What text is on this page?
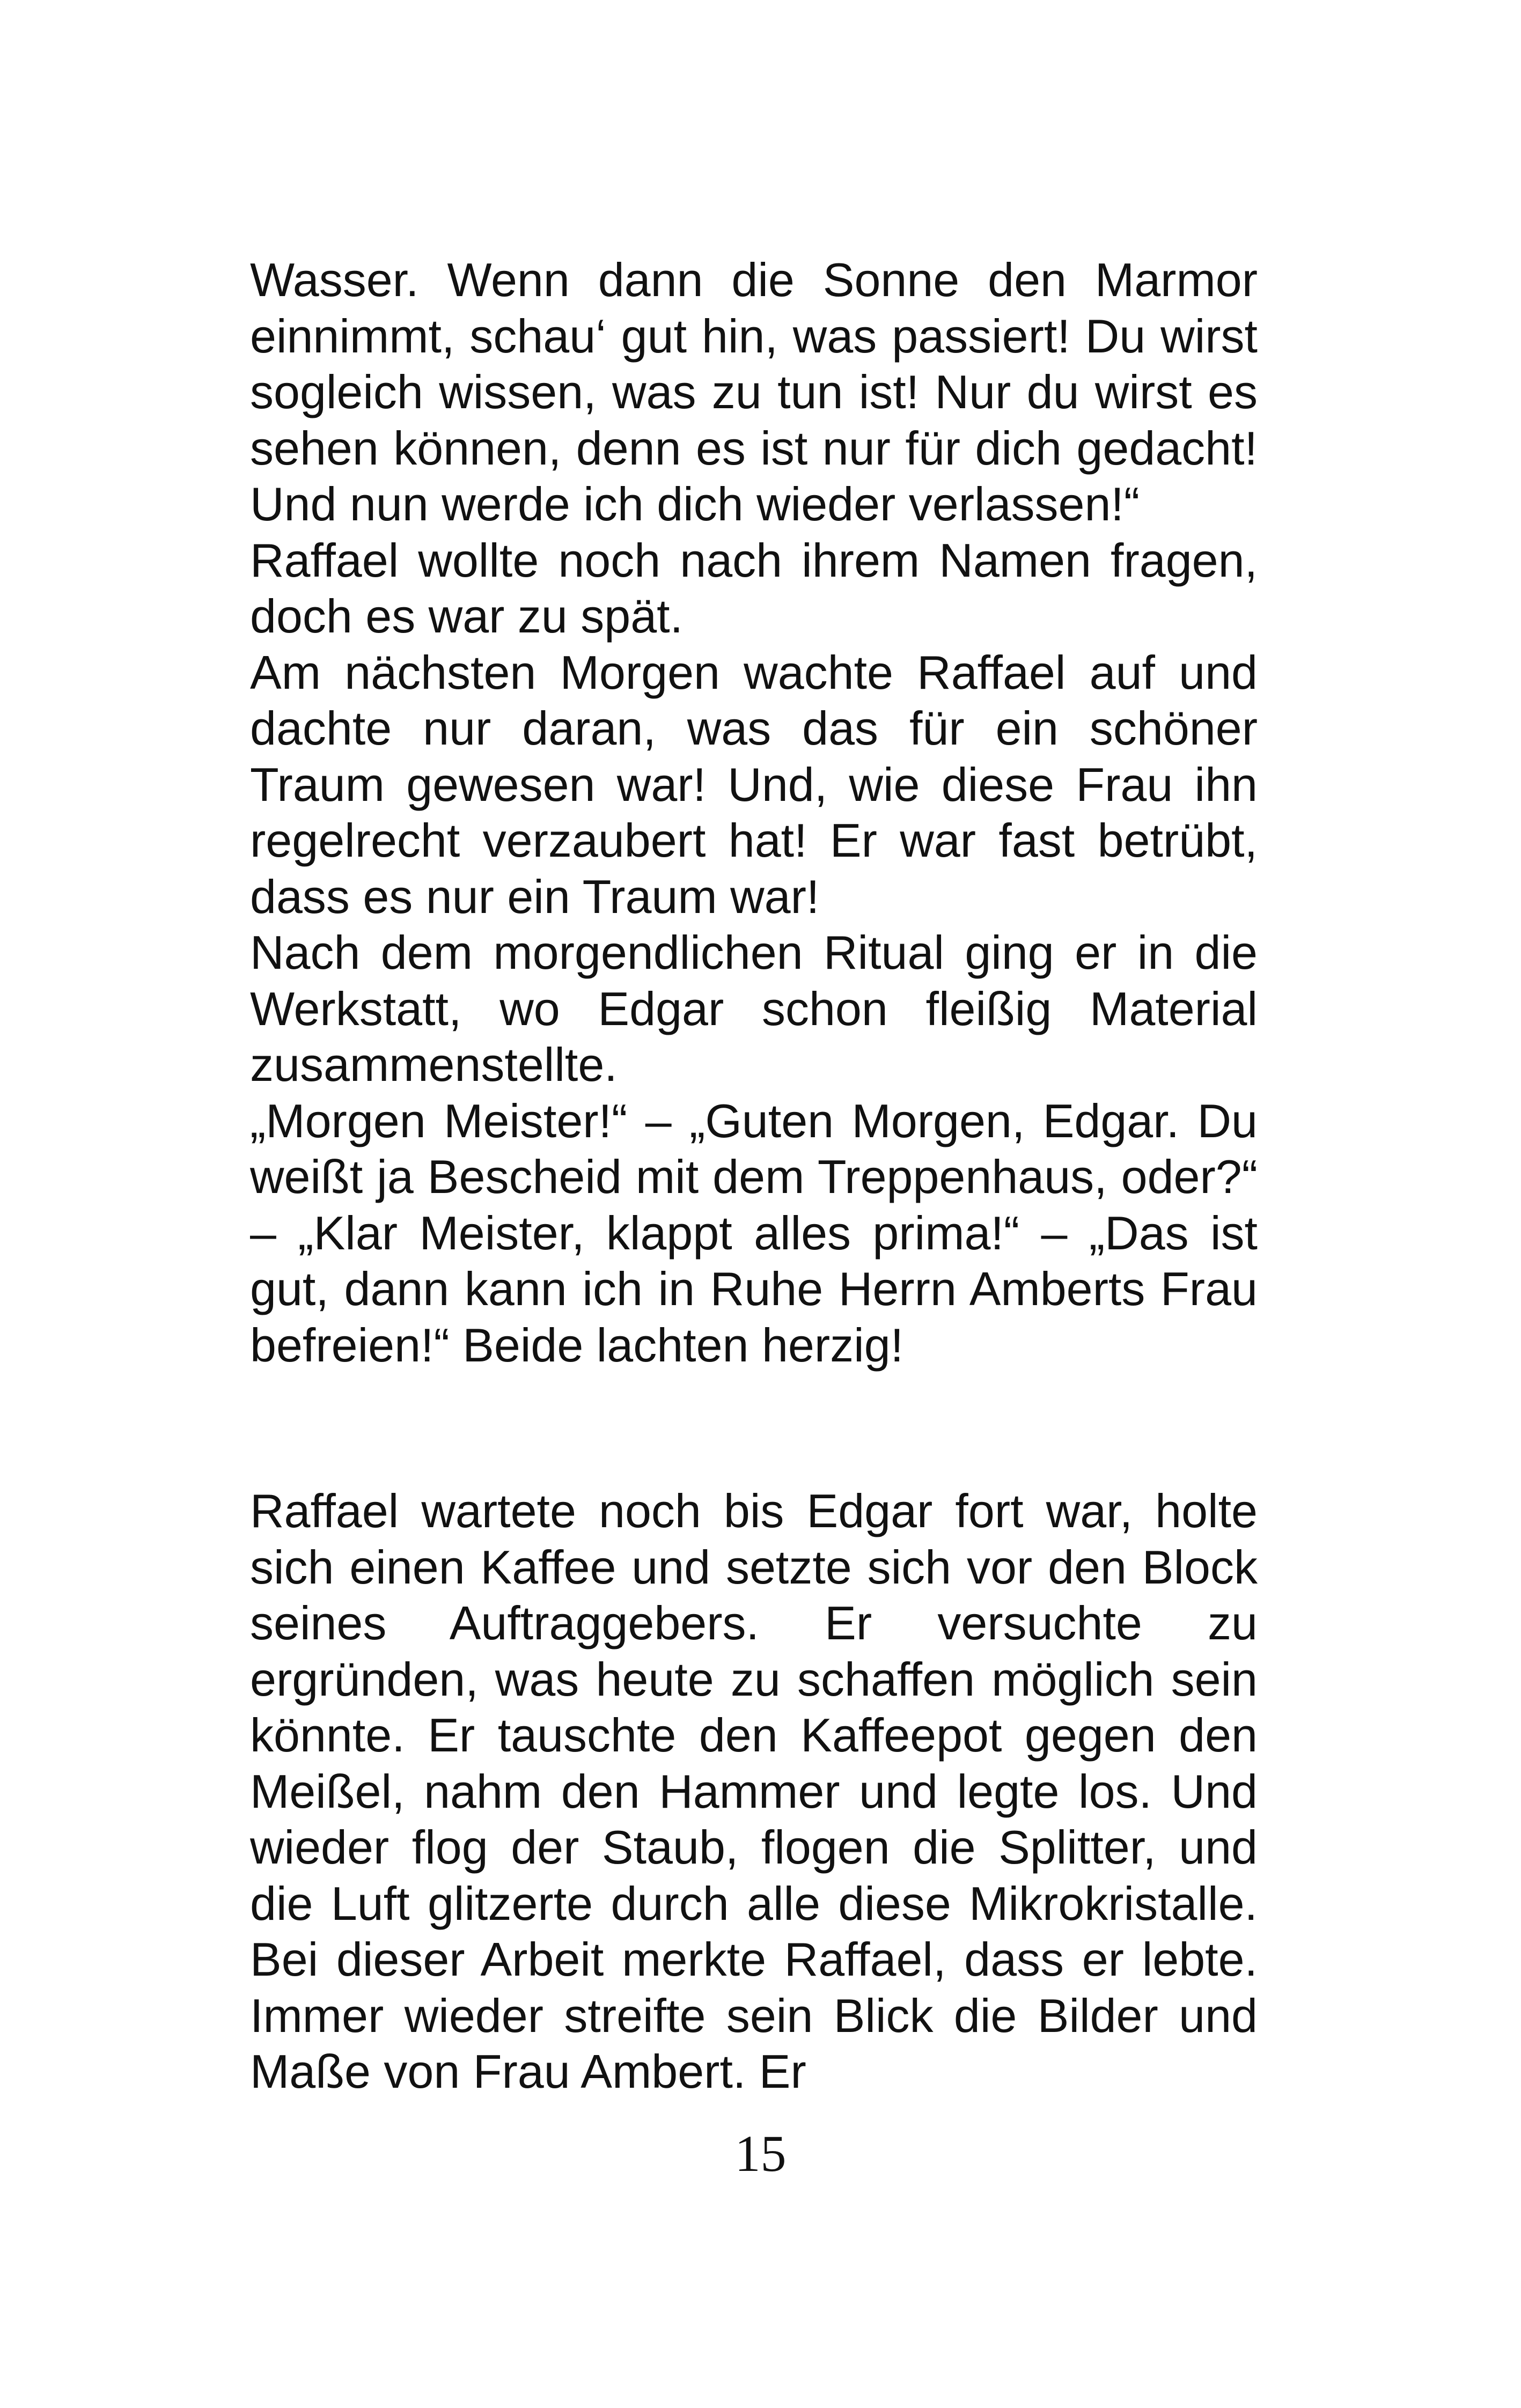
Wasser. Wenn dann die Sonne den Marmor einnimmt, schau‘ gut hin, was passiert! Du wirst sogleich wissen, was zu tun ist! Nur du wirst es sehen können, denn es ist nur für dich gedacht! Und nun werde ich dich wieder verlassen!“

Raffael wollte noch nach ihrem Namen fragen, doch es war zu spät.

Am nächsten Morgen wachte Raffael auf und dachte nur daran, was das für ein schöner Traum gewesen war! Und, wie diese Frau ihn regelrecht verzaubert hat! Er war fast betrübt, dass es nur ein Traum war!

Nach dem morgendlichen Ritual ging er in die Werkstatt, wo Edgar schon fleißig Material zusammenstellte.

„Morgen Meister!“ – „Guten Morgen, Edgar. Du weißt ja Bescheid mit dem Treppenhaus, oder?“ – „Klar Meister, klappt alles prima!“ – „Das ist gut, dann kann ich in Ruhe Herrn Amberts Frau befreien!“ Beide lachten herzig!

Raffael wartete noch bis Edgar fort war, holte sich einen Kaffee und setzte sich vor den Block seines Auftraggebers. Er versuchte zu ergründen, was heute zu schaffen möglich sein könnte. Er tauschte den Kaffeepot gegen den Meißel, nahm den Hammer und legte los. Und wieder flog der Staub, flogen die Splitter, und die Luft glitzerte durch alle diese Mikrokristalle. Bei dieser Arbeit merkte Raffael, dass er lebte. Immer wieder streifte sein Blick die Bilder und Maße von Frau Ambert. Er

15
